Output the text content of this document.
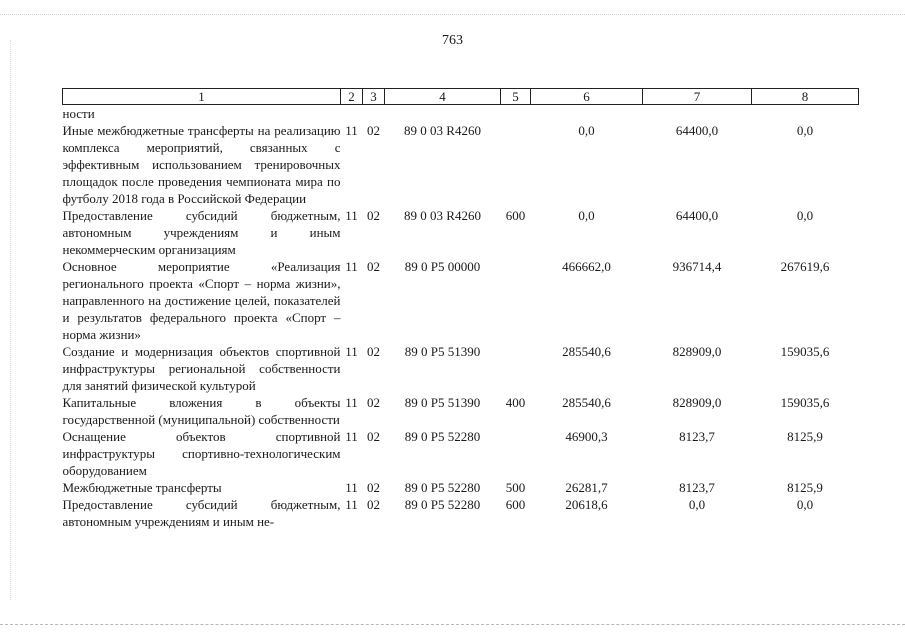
763
1	2	3	4	5	6	7	8
ности							
Иные межбюджетные трансферты на реализацию комплекса мероприятий, связанных с эффективным использованием тренировочных площадок после проведения чемпионата мира по футболу 2018 года в Российской Федерации	11	02	89 0 03 R4260		0,0	64400,0	0,0
Предоставление субсидий бюджетным, автономным учреждениям и иным некоммерческим организациям	11	02	89 0 03 R4260	600	0,0	64400,0	0,0
Основное мероприятие «Реализация регионального проекта «Спорт – норма жизни», направленного на достижение целей, показателей и результатов федерального проекта «Спорт – норма жизни»	11	02	89 0 P5 00000		466662,0	936714,4	267619,6
Создание и модернизация объектов спортивной инфраструктуры региональной собственности для занятий физической культурой	11	02	89 0 P5 51390		285540,6	828909,0	159035,6
Капитальные вложения в объекты государственной (муниципальной) собственности	11	02	89 0 P5 51390	400	285540,6	828909,0	159035,6
Оснащение объектов спортивной инфраструктуры спортивно-технологическим оборудованием	11	02	89 0 P5 52280		46900,3	8123,7	8125,9
Межбюджетные трансферты	11	02	89 0 P5 52280	500	26281,7	8123,7	8125,9
Предоставление субсидий бюджетным, автономным учреждениям и иным не-	11	02	89 0 P5 52280	600	20618,6	0,0	0,0
